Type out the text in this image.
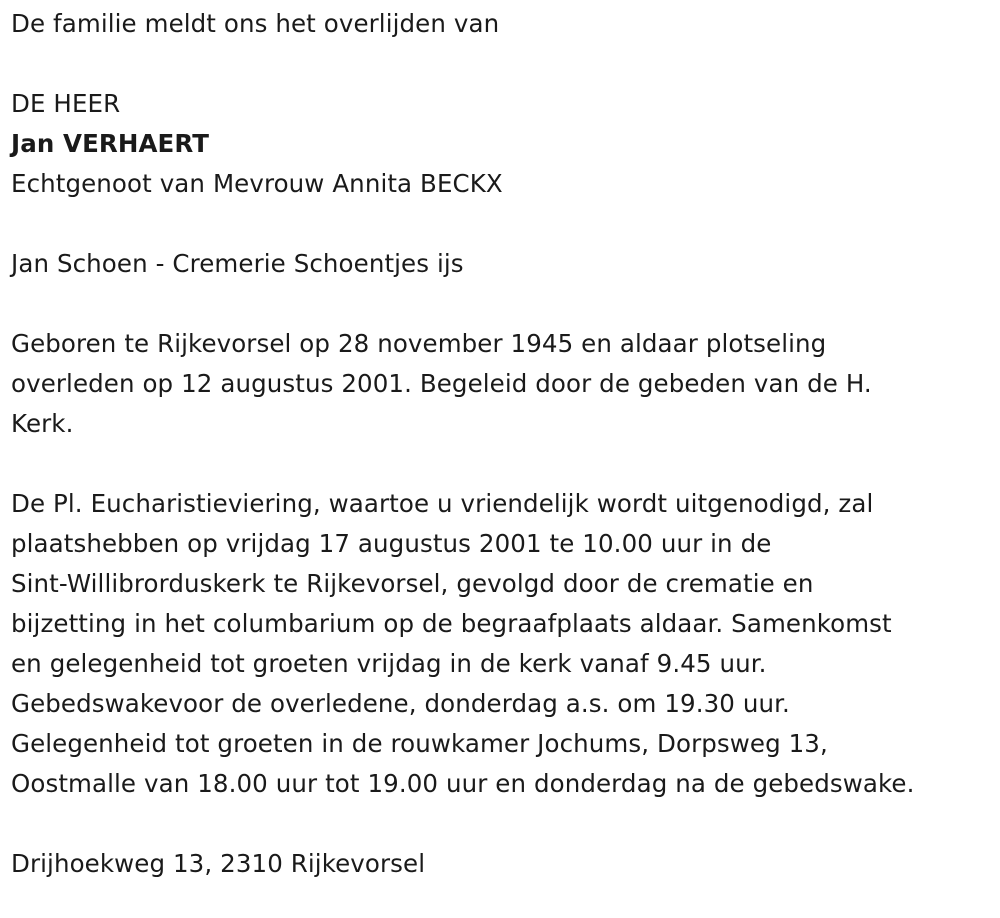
De familie meldt ons het overlijden van

DE HEER

Jan VERHAERT

Echtgenoot van Mevrouw Annita BECKX

Jan Schoen - Cremerie Schoentjes ijs

Geboren te Rijkevorsel op 28 november 1945 en aldaar plotseling

overleden op 12 augustus 2001. Begeleid door de gebeden van de H.

Kerk.

De Pl. Eucharistieviering, waartoe u vriendelijk wordt uitgenodigd, zal

plaatshebben op vrijdag 17 augustus 2001 te 10.00 uur in de

Sint-Willibrorduskerk te Rijkevorsel, gevolgd door de crematie en

bijzetting in het columbarium op de begraafplaats aldaar. Samenkomst

en gelegenheid tot groeten vrijdag in de kerk vanaf 9.45 uur.

Gebedswakevoor de overledene, donderdag a.s. om 19.30 uur.

Gelegenheid tot groeten in de rouwkamer Jochums, Dorpsweg 13,

Oostmalle van 18.00 uur tot 19.00 uur en donderdag na de gebedswake.

Drijhoekweg 13, 2310 Rijkevorsel
